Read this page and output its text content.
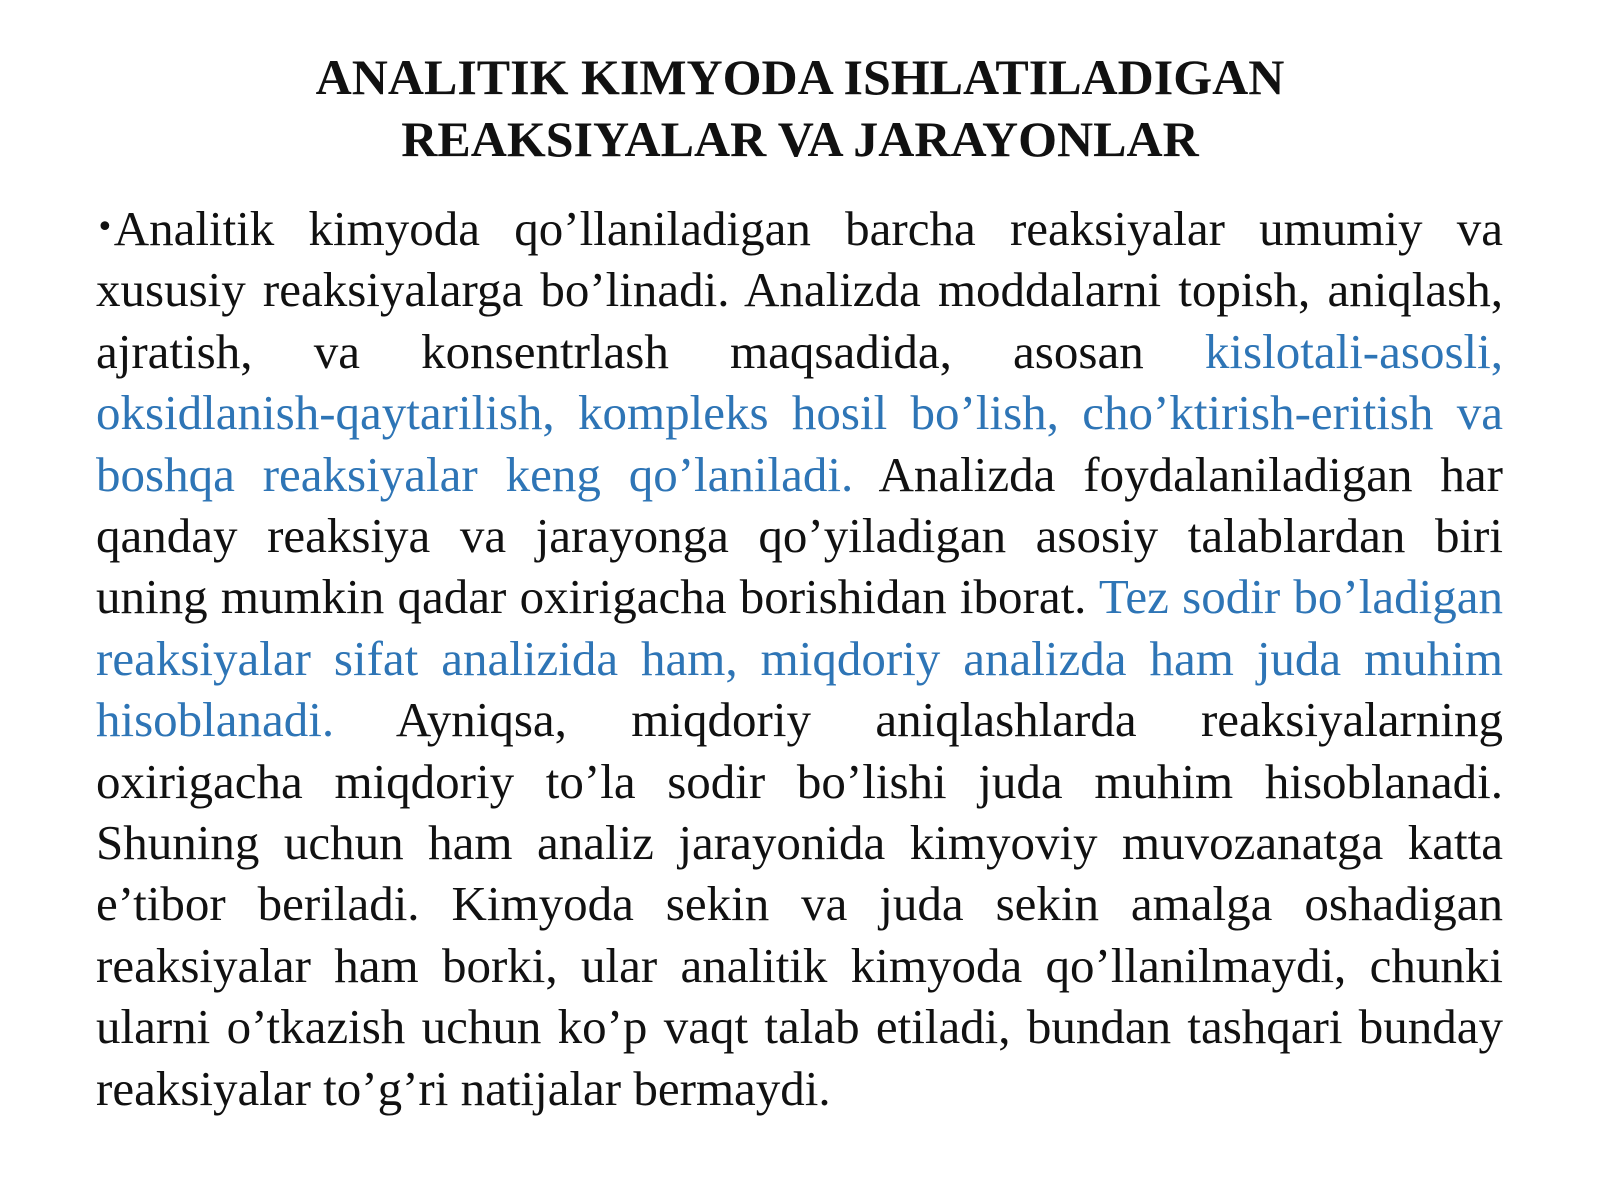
ANALITIK KIMYODA ISHLATILADIGAN
REAKSIYALAR VA JARAYONLAR
•Analitik kimyoda qo’llaniladigan barcha reaksiyalar umumiy va xususiy reaksiyalarga bo’linadi. Analizda moddalarni topish, aniqlash, ajratish, va konsentrlash maqsadida, asosan kislotali-asosli, oksidlanish-qaytarilish, kompleks hosil bo’lish, cho’ktirish-eritish va boshqa reaksiyalar keng qo’laniladi. Analizda foydalaniladigan har qanday reaksiya va jarayonga qo’yiladigan asosiy talablardan biri uning mumkin qadar oxirigacha borishidan iborat. Tez sodir bo’ladigan reaksiyalar sifat analizida ham, miqdoriy analizda ham juda muhim hisoblanadi. Ayniqsa, miqdoriy aniqlashlarda reaksiyalarning oxirigacha miqdoriy to’la sodir bo’lishi juda muhim hisoblanadi. Shuning uchun ham analiz jarayonida kimyoviy muvozanatga katta e’tibor beriladi. Kimyoda sekin va juda sekin amalga oshadigan reaksiyalar ham borki, ular analitik kimyoda qo’llanilmaydi, chunki ularni o’tkazish uchun ko’p vaqt talab etiladi, bundan tashqari bunday reaksiyalar to’g’ri natijalar bermaydi.
